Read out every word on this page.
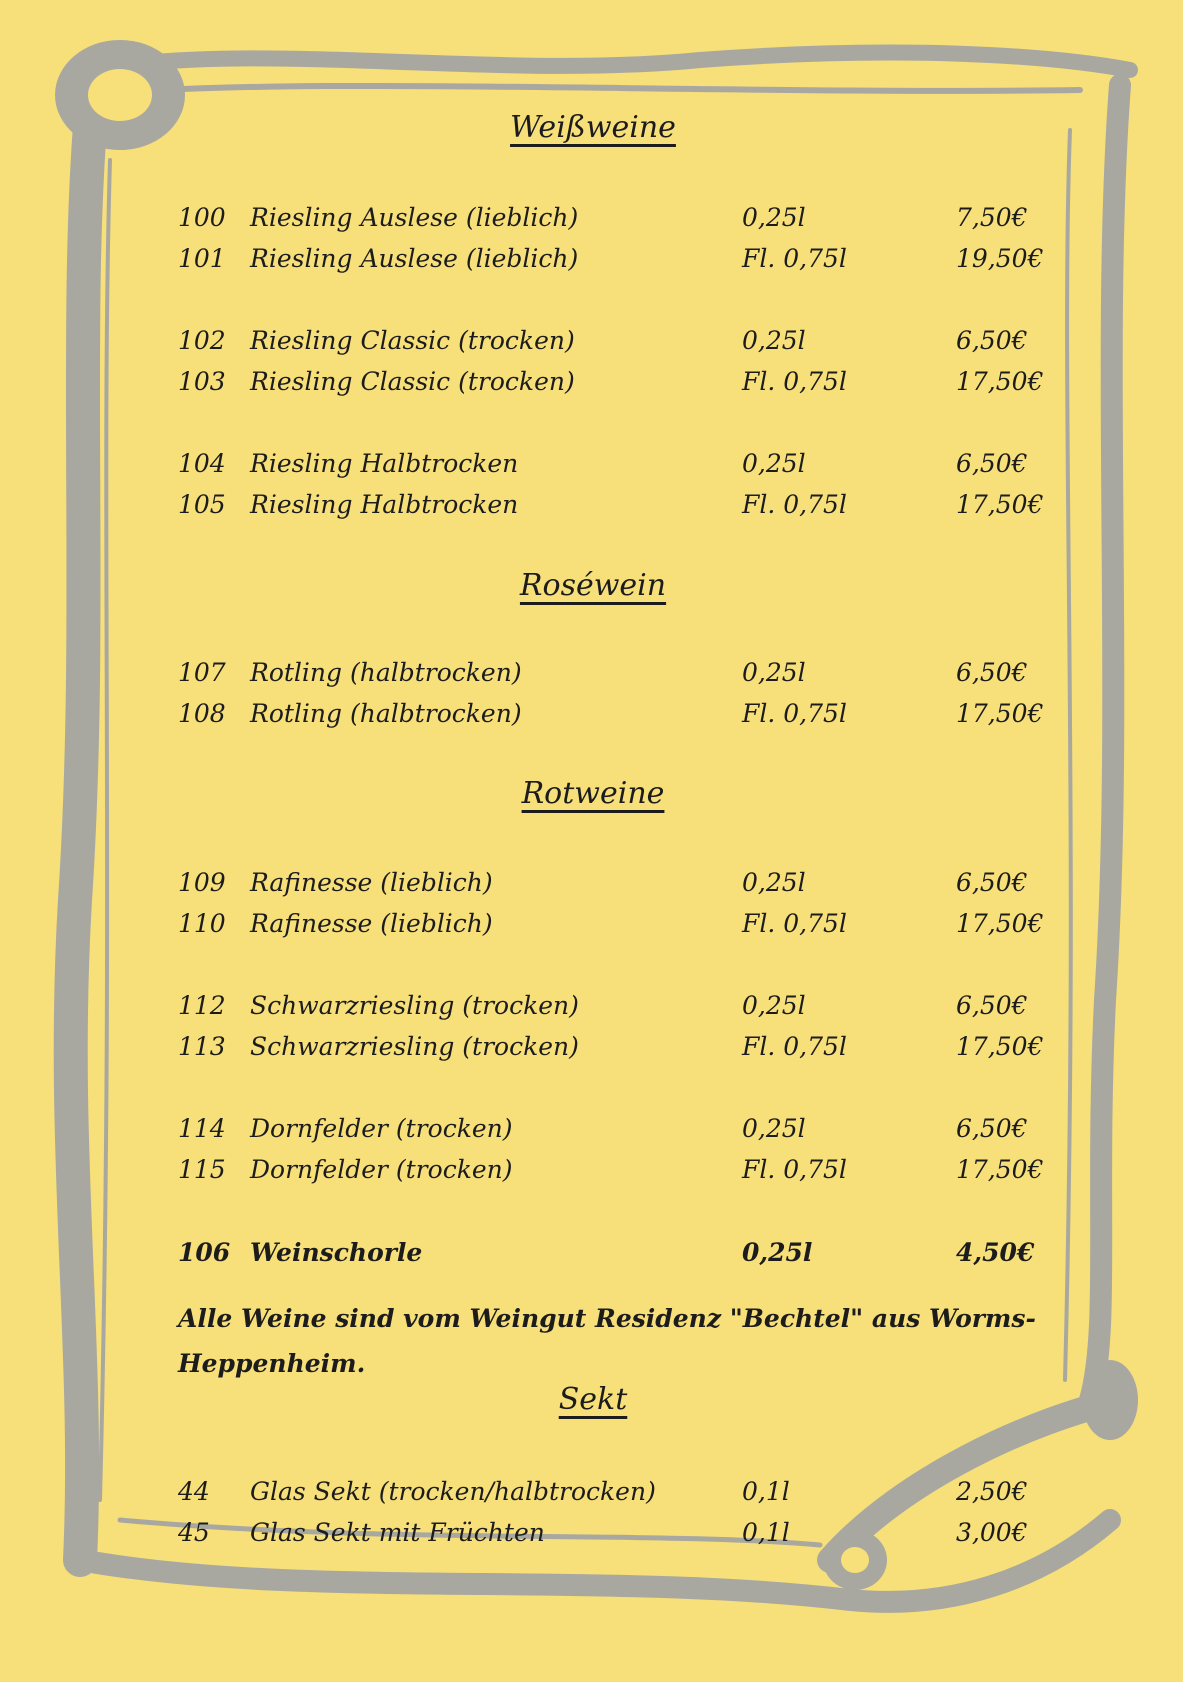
Weißweine
100 Riesling Auslese (lieblich)	0,25l	7,50€
101 Riesling Auslese (lieblich)	Fl. 0,75l	19,50€
102 Riesling Classic (trocken)	0,25l	6,50€
103 Riesling Classic (trocken)	Fl. 0,75l	17,50€
104 Riesling Halbtrocken	0,25l	6,50€
105 Riesling Halbtrocken	Fl. 0,75l	17,50€
Roséwein
107 Rotling (halbtrocken)	0,25l	6,50€
108 Rotling (halbtrocken)	Fl. 0,75l	17,50€
Rotweine
109 Rafinesse (lieblich)	0,25l	6,50€
110 Rafinesse (lieblich)	Fl. 0,75l	17,50€
112 Schwarzriesling (trocken)	0,25l	6,50€
113 Schwarzriesling (trocken)	Fl. 0,75l	17,50€
114 Dornfelder (trocken)	0,25l	6,50€
115 Dornfelder (trocken)	Fl. 0,75l	17,50€
106 Weinschorle	0,25l	4,50€
Alle Weine sind vom Weingut Residenz "Bechtel" aus Worms-
Heppenheim.
Sekt
44	Glas Sekt (trocken/halbtrocken)	0,1l	2,50€
45	Glas Sekt mit Früchten	0,1l	3,00€
